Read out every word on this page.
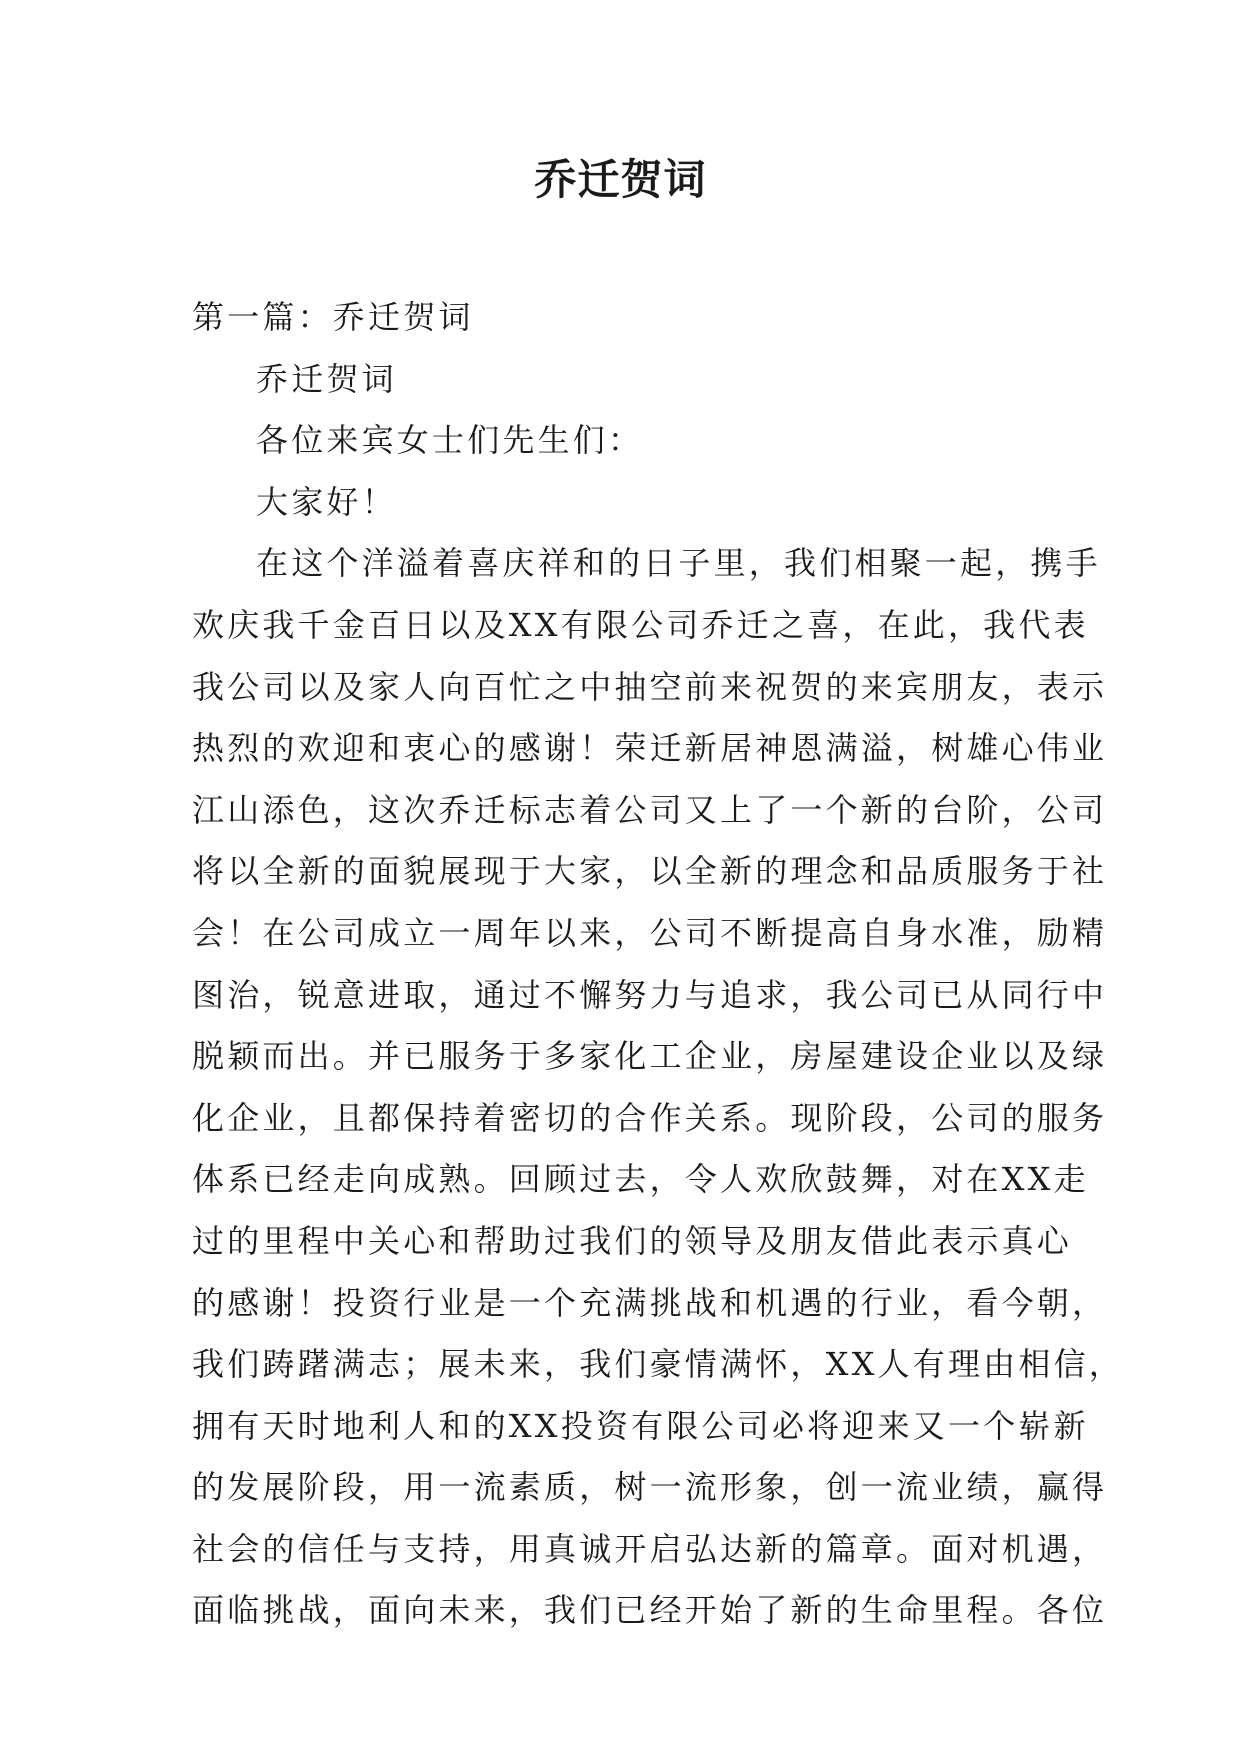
乔迁贺词
第一篇：乔迁贺词
乔迁贺词
各位来宾女士们先生们：
大家好！
在这个洋溢着喜庆祥和的日子里，我们相聚一起，携手
欢庆我千金百日以及XX有限公司乔迁之喜，在此，我代表
我公司以及家人向百忙之中抽空前来祝贺的来宾朋友，表示
热烈的欢迎和衷心的感谢！荣迁新居神恩满溢，树雄心伟业
江山添色，这次乔迁标志着公司又上了一个新的台阶，公司
将以全新的面貌展现于大家，以全新的理念和品质服务于社
会！在公司成立一周年以来，公司不断提高自身水准，励精
图治，锐意进取，通过不懈努力与追求，我公司已从同行中
脱颖而出。并已服务于多家化工企业，房屋建设企业以及绿
化企业，且都保持着密切的合作关系。现阶段，公司的服务
体系已经走向成熟。回顾过去，令人欢欣鼓舞，对在XX走
过的里程中关心和帮助过我们的领导及朋友借此表示真心
的感谢！投资行业是一个充满挑战和机遇的行业，看今朝，
我们踌躇满志；展未来，我们豪情满怀，XX人有理由相信，
拥有天时地利人和的XX投资有限公司必将迎来又一个崭新
的发展阶段，用一流素质，树一流形象，创一流业绩，赢得
社会的信任与支持，用真诚开启弘达新的篇章。面对机遇，
面临挑战，面向未来，我们已经开始了新的生命里程。各位
